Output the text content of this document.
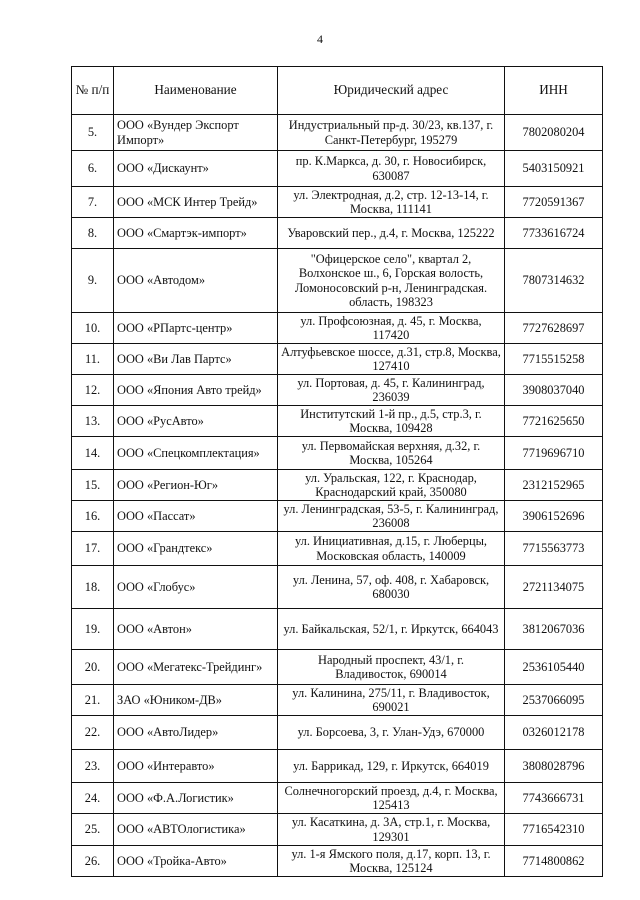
4
№ п/п	Наименование	Юридический адрес	ИНН
5.	ООО «Вундер Экспорт Импорт»	Индустриальный пр-д. 30/23, кв.137, г. Санкт-Петербург, 195279	7802080204
6.	ООО «Дискаунт»	пр. К.Маркса, д. 30, г. Новосибирск, 630087	5403150921
7.	ООО «МСК Интер Трейд»	ул. Электродная, д.2, стр. 12-13-14, г. Москва, 111141	7720591367
8.	ООО «Смартэк-импорт»	Уваровский пер., д.4, г. Москва, 125222	7733616724
9.	ООО «Автодом»	"Офицерское село", квартал 2, Волхонское ш., 6, Горская волость, Ломоносовский р-н, Ленинградская. область, 198323	7807314632
10.	ООО «РПартс-центр»	ул. Профсоюзная, д. 45, г. Москва, 117420	7727628697
11.	ООО «Ви Лав Партс»	Алтуфьевское шоссе, д.31, стр.8, Москва, 127410	7715515258
12.	ООО «Япония Авто трейд»	ул. Портовая, д. 45, г. Калининград, 236039	3908037040
13.	ООО «РусАвто»	Институтский 1-й пр., д.5, стр.3, г. Москва, 109428	7721625650
14.	ООО «Спецкомплектация»	ул. Первомайская верхняя, д.32, г. Москва, 105264	7719696710
15.	ООО «Регион-Юг»	ул. Уральская, 122, г. Краснодар, Краснодарский край, 350080	2312152965
16.	ООО «Пассат»	ул. Ленинградская, 53-5, г. Калининград, 236008	3906152696
17.	ООО «Грандтекс»	ул. Инициативная, д.15, г. Люберцы, Московская область, 140009	7715563773
18.	ООО «Глобус»	ул. Ленина, 57, оф. 408, г. Хабаровск, 680030	2721134075
19.	ООО «Автон»	ул. Байкальская, 52/1, г. Иркутск, 664043	3812067036
20.	ООО «Мегатекс-Трейдинг»	Народный проспект, 43/1, г. Владивосток, 690014	2536105440
21.	ЗАО «Юником-ДВ»	ул. Калинина, 275/11, г. Владивосток, 690021	2537066095
22.	ООО «АвтоЛидер»	ул. Борсоева, 3, г. Улан-Удэ, 670000	0326012178
23.	ООО «Интеравто»	ул. Баррикад, 129, г. Иркутск, 664019	3808028796
24.	ООО «Ф.А.Логистик»	Солнечногорский проезд, д.4, г. Москва, 125413	7743666731
25.	ООО «АВТОлогистика»	ул. Касаткина, д. 3А, стр.1, г. Москва, 129301	7716542310
26.	ООО «Тройка-Авто»	ул. 1-я Ямского поля, д.17, корп. 13, г. Москва, 125124	7714800862
